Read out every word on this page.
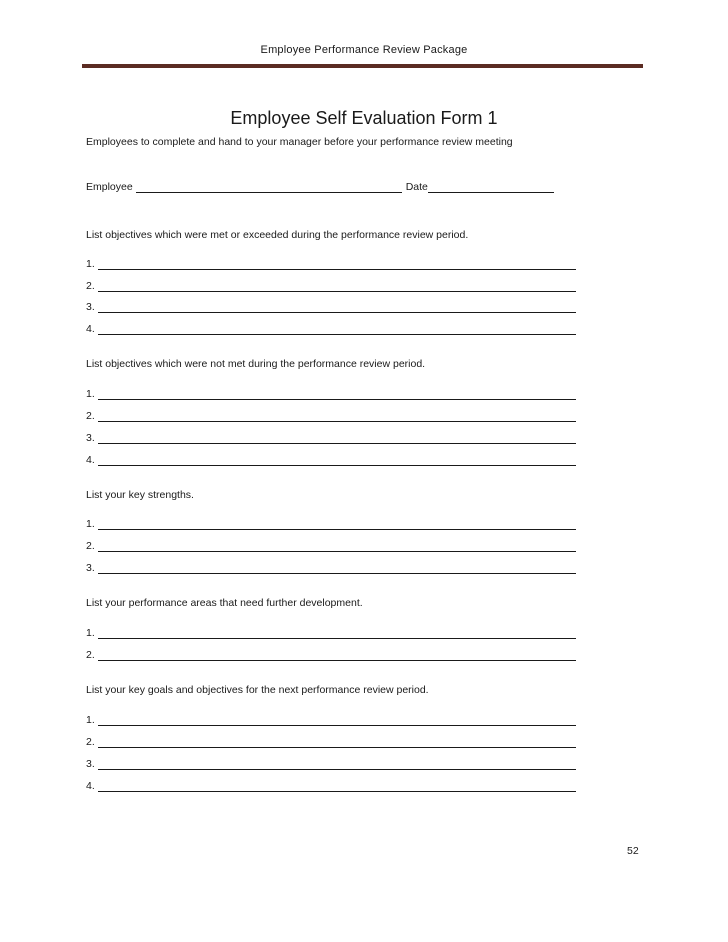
Employee Performance Review Package
Employee Self Evaluation Form 1
Employees to complete and hand to your manager before your performance review meeting
Employee	Date
List objectives which were met or exceeded during the performance review period.
1.
2.
3.
4.
List objectives which were not met during the performance review period.
1.
2.
3.
4.
List your key strengths.
1.
2.
3.
List your performance areas that need further development.
1.
2.
List your key goals and objectives for the next performance review period.
1.
2.
3.
4.
52
